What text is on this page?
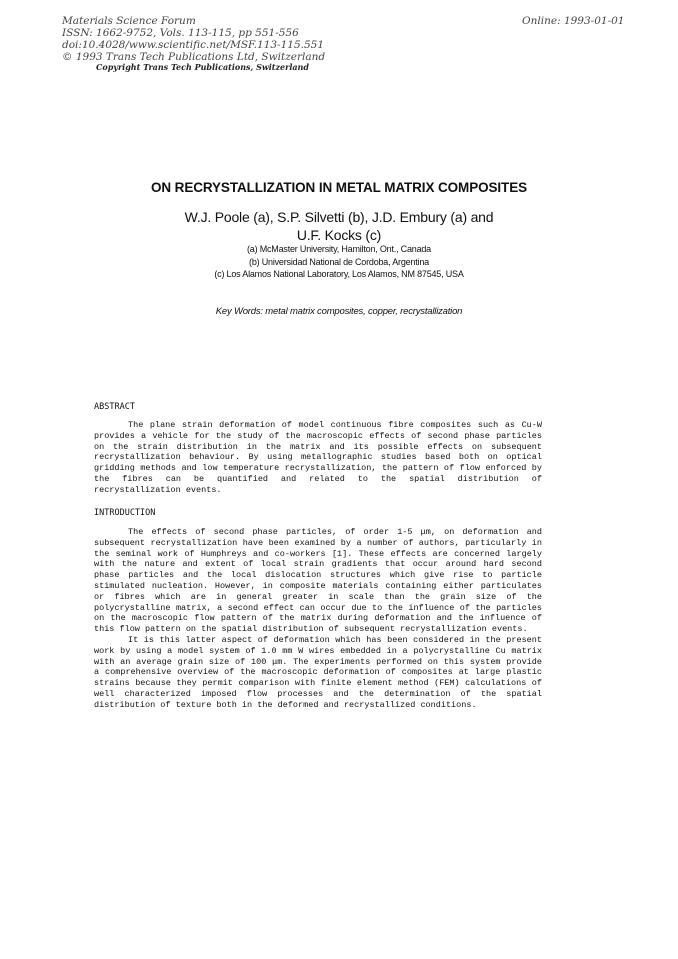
Materials Science Forum
ISSN: 1662-9752, Vols. 113-115, pp 551-556
doi:10.4028/www.scientific.net/MSF.113-115.551
© 1993 Trans Tech Publications Ltd, Switzerland
Online: 1993-01-01
Copyright Trans Tech Publications, Switzerland
ON RECRYSTALLIZATION IN METAL MATRIX COMPOSITES
W.J. Poole (a), S.P. Silvetti (b), J.D. Embury (a) and
U.F. Kocks (c)
(a) McMaster University, Hamilton, Ont., Canada
(b) Universidad National de Cordoba, Argentina
(c) Los Alamos National Laboratory, Los Alamos, NM 87545, USA
Key Words: metal matrix composites, copper, recrystallization
ABSTRACT

The plane strain deformation of model continuous fibre composites such as Cu-W provides a vehicle for the study of the macroscopic effects of second phase particles on the strain distribution in the matrix and its possible effects on subsequent recrystallization behaviour. By using metallographic studies based both on optical gridding methods and low temperature recrystallization, the pattern of flow enforced by the fibres can be quantified and related to the spatial distribution of recrystallization events.

INTRODUCTION

The effects of second phase particles, of order 1-5 μm, on deformation and subsequent recrystallization have been examined by a number of authors, particularly in the seminal work of Humphreys and co-workers [1]. These effects are concerned largely with the nature and extent of local strain gradients that occur around hard second phase particles and the local dislocation structures which give rise to particle stimulated nucleation. However, in composite materials containing either particulates or fibres which are in general greater in scale than the grain size of the polycrystalline matrix, a second effect can occur due to the influence of the particles on the macroscopic flow pattern of the matrix during deformation and the influence of this flow pattern on the spatial distribution of subsequent recrystallization events.

It is this latter aspect of deformation which has been considered in the present work by using a model system of 1.0 mm W wires embedded in a polycrystalline Cu matrix with an average grain size of 100 μm. The experiments performed on this system provide a comprehensive overview of the macroscopic deformation of composites at large plastic strains because they permit comparison with finite element method (FEM) calculations of well characterized imposed flow processes and the determination of the spatial distribution of texture both in the deformed and recrystallized conditions.
